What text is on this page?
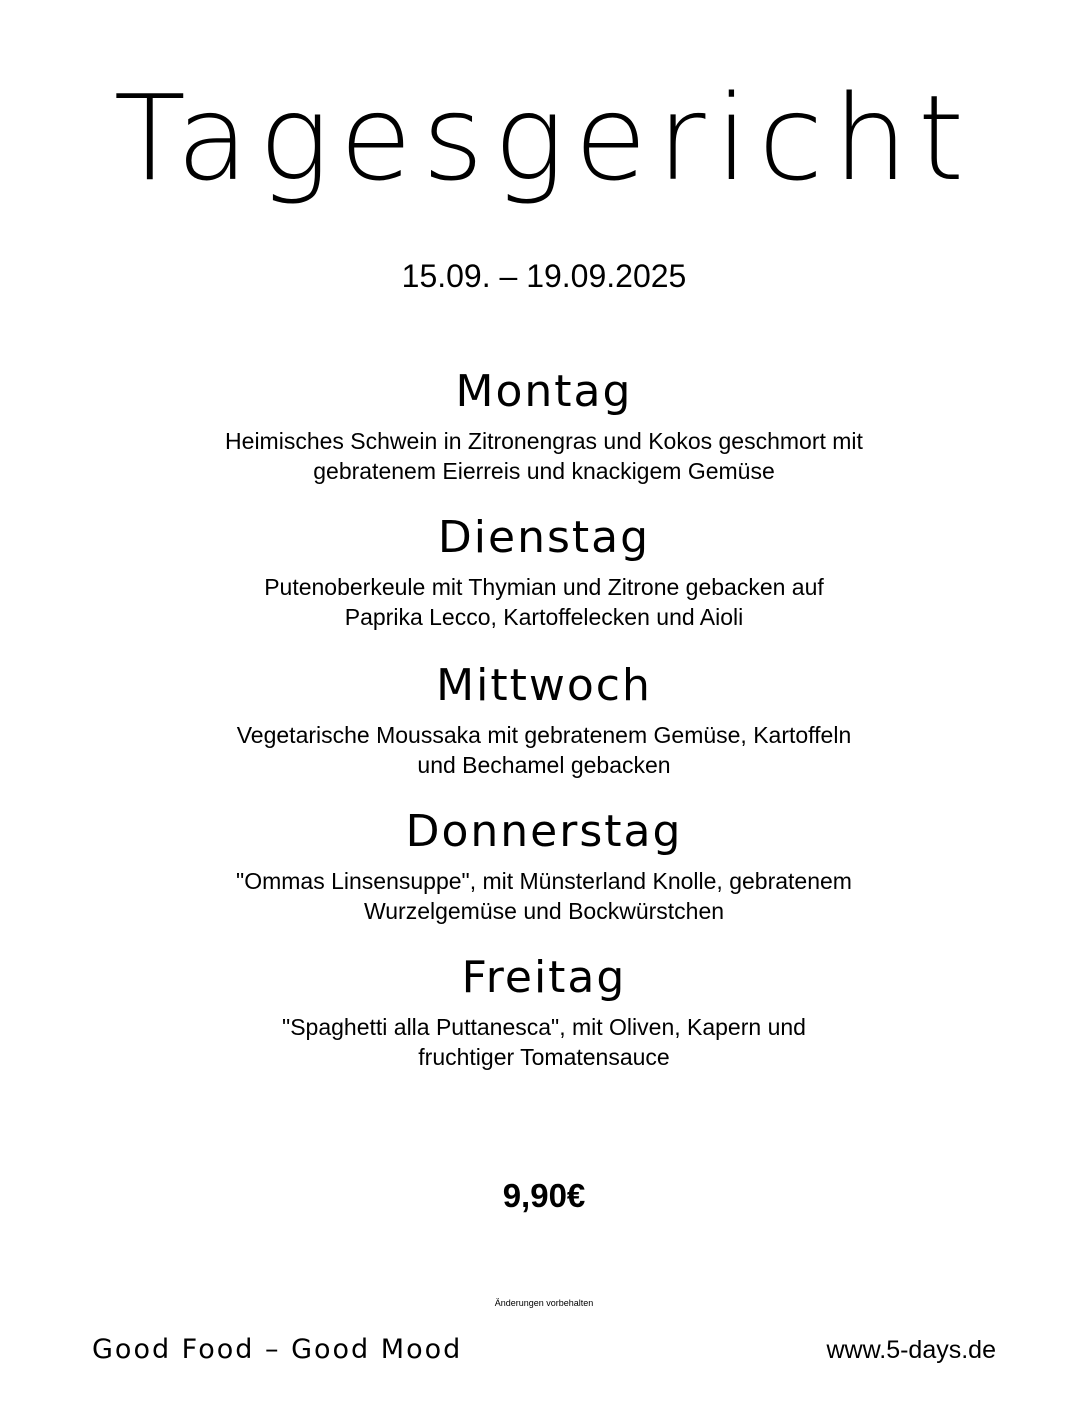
Tagesgericht
15.09. – 19.09.2025
Montag
Heimisches Schwein in Zitronengras und Kokos geschmort mit
gebratenem Eierreis und knackigem Gemüse
Dienstag
Putenoberkeule mit Thymian und Zitrone gebacken auf
Paprika Lecco, Kartoffelecken und Aioli
Mittwoch
Vegetarische Moussaka mit gebratenem Gemüse, Kartoffeln
und Bechamel gebacken
Donnerstag
"Ommas Linsensuppe", mit Münsterland Knolle, gebratenem
Wurzelgemüse und Bockwürstchen
Freitag
"Spaghetti alla Puttanesca", mit Oliven, Kapern und
fruchtiger Tomatensauce
9,90€
Änderungen vorbehalten
Good Food – Good Mood	www.5-days.de
